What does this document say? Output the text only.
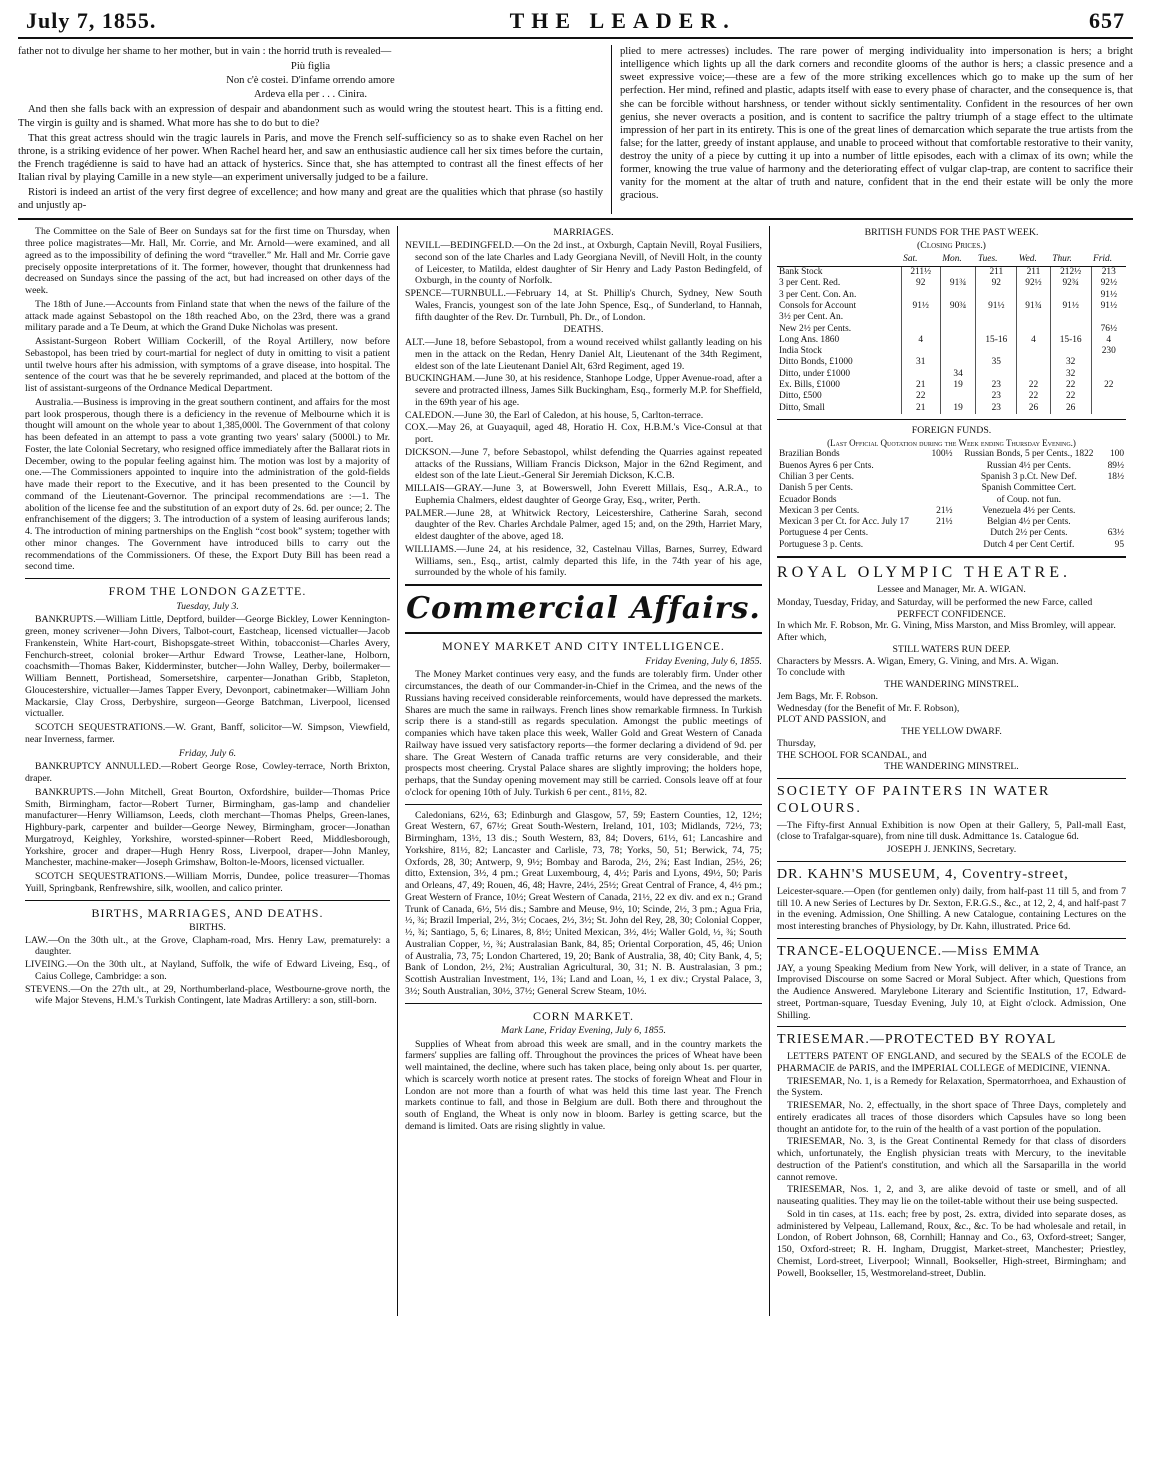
July 7, 1855.	THE LEADER.	657

father not to divulge her shame to her mother, but in vain : the horrid truth is revealed—

Più figlia
Non c'è costei. D'infame orrendo amore
Ardeva ella per . . . Cinira.

And then she falls back with an expression of despair and abandonment such as would wring the stoutest heart. This is a fitting end. The virgin is guilty and is shamed. What more has she to do but to die?

That this great actress should win the tragic laurels in Paris, and move the French self-sufficiency so as to shake even Rachel on her throne, is a striking evidence of her power. When Rachel heard her, and saw an enthusiastic audience call her six times before the curtain, the French tragédienne is said to have had an attack of hysterics. Since that, she has attempted to contrast all the finest effects of her Italian rival by playing Camille in a new style—an experiment universally judged to be a failure.

Ristori is indeed an artist of the very first degree of excellence; and how many and great are the qualities which that phrase (so hastily and unjustly ap-

plied to mere actresses) includes. The rare power of merging individuality into impersonation is hers; a bright intelligence which lights up all the dark corners and recondite glooms of the author is hers; a classic presence and a sweet expressive voice;—these are a few of the more striking excellences which go to make up the sum of her perfection. Her mind, refined and plastic, adapts itself with ease to every phase of character, and the consequence is, that she can be forcible without harshness, or tender without sickly sentimentality. Confident in the resources of her own genius, she never overacts a position, and is content to sacrifice the paltry triumph of a stage effect to the ultimate impression of her part in its entirety. This is one of the great lines of demarcation which separate the true artists from the false; for the latter, greedy of instant applause, and unable to proceed without that comfortable restorative to their vanity, destroy the unity of a piece by cutting it up into a number of little episodes, each with a climax of its own; while the former, knowing the true value of harmony and the deteriorating effect of vulgar clap-trap, are content to sacrifice their vanity for the moment at the altar of truth and nature, confident that in the end their estate will be only the more gracious.

The Committee on the Sale of Beer on Sundays sat for the first time on Thursday, when three police magistrates—Mr. Hall, Mr. Corrie, and Mr. Arnold—were examined, and all agreed as to the impossibility of defining the word “traveller.” Mr. Hall and Mr. Corrie gave precisely opposite interpretations of it. The former, however, thought that drunkenness had decreased on Sundays since the passing of the act, but had increased on other days of the week.

The 18th of June.—Accounts from Finland state that when the news of the failure of the attack made against Sebastopol on the 18th reached Abo, on the 23rd, there was a grand military parade and a Te Deum, at which the Grand Duke Nicholas was present.

Assistant-Surgeon Robert William Cockerill, of the Royal Artillery, now before Sebastopol, has been tried by court-martial for neglect of duty in omitting to visit a patient until twelve hours after his admission, with symptoms of a grave disease, into hospital. The sentence of the court was that he be severely reprimanded, and placed at the bottom of the list of assistant-surgeons of the Ordnance Medical Department.

Australia.—Business is improving in the great southern continent, and affairs for the most part look prosperous, though there is a deficiency in the revenue of Melbourne which it is thought will amount on the whole year to about 1,385,000l. The Government of that colony has been defeated in an attempt to pass a vote granting two years' salary (5000l.) to Mr. Foster, the late Colonial Secretary, who resigned office immediately after the Ballarat riots in December, owing to the popular feeling against him. The motion was lost by a majority of one.—The Commissioners appointed to inquire into the administration of the gold-fields have made their report to the Executive, and it has been presented to the Council by command of the Lieutenant-Governor. The principal recommendations are :—1. The abolition of the license fee and the substitution of an export duty of 2s. 6d. per ounce; 2. The enfranchisement of the diggers; 3. The introduction of a system of leasing auriferous lands; 4. The introduction of mining partnerships on the English “cost book” system; together with other minor changes. The Government have introduced bills to carry out the recommendations of the Commissioners. Of these, the Export Duty Bill has been read a second time.

FROM THE LONDON GAZETTE.
Tuesday, July 3.

BANKRUPTS.—William Little, Deptford, builder—George Bickley, Lower Kennington-green, money scrivener—John Divers, Talbot-court, Eastcheap, licensed victualler—Jacob Frankenstein, White Hart-court, Bishopsgate-street Within, tobacconist—Charles Avery, Fenchurch-street, colonial broker—Arthur Edward Trowse, Leather-lane, Holborn, coachsmith—Thomas Baker, Kidderminster, butcher—John Walley, Derby, boilermaker—William Bennett, Portishead, Somersetshire, carpenter—Jonathan Gribb, Stapleton, Gloucestershire, victualler—James Tapper Every, Devonport, cabinetmaker—William John Mackarsie, Clay Cross, Derbyshire, surgeon—George Batchman, Liverpool, licensed victualler.

SCOTCH SEQUESTRATIONS.—W. Grant, Banff, solicitor—W. Simpson, Viewfield, near Inverness, farmer.

Friday, July 6.

BANKRUPTCY ANNULLED.—Robert George Rose, Cowley-terrace, North Brixton, draper.

BANKRUPTS.—John Mitchell, Great Bourton, Oxfordshire, builder—Thomas Price Smith, Birmingham, factor—Robert Turner, Birmingham, gas-lamp and chandelier manufacturer—Henry Williamson, Leeds, cloth merchant—Thomas Phelps, Green-lanes, Highbury-park, carpenter and builder—George Newey, Birmingham, grocer—Jonathan Murgatroyd, Keighley, Yorkshire, worsted-spinner—Robert Reed, Middlesborough, Yorkshire, grocer and draper—Hugh Henry Ross, Liverpool, draper—John Manley, Manchester, machine-maker—Joseph Grimshaw, Bolton-le-Moors, licensed victualler.

SCOTCH SEQUESTRATIONS.—William Morris, Dundee, police treasurer—Thomas Yuill, Springbank, Renfrewshire, silk, woollen, and calico printer.

BIRTHS, MARRIAGES, AND DEATHS.
BIRTHS.

LAW.—On the 30th ult., at the Grove, Clapham-road, Mrs. Henry Law, prematurely: a daughter.

LIVEING.—On the 30th ult., at Nayland, Suffolk, the wife of Edward Liveing, Esq., of Caius College, Cambridge: a son.

STEVENS.—On the 27th ult., at 29, Northumberland-place, Westbourne-grove north, the wife Major Stevens, H.M.'s Turkish Contingent, late Madras Artillery: a son, still-born.

MARRIAGES.

NEVILL—BEDINGFELD.—On the 2d inst., at Oxburgh, Captain Nevill, Royal Fusiliers, second son of the late Charles and Lady Georgiana Nevill, of Nevill Holt, in the county of Leicester, to Matilda, eldest daughter of Sir Henry and Lady Paston Bedingfeld, of Oxburgh, in the county of Norfolk.

SPENCE—TURNBULL.—February 14, at St. Phillip's Church, Sydney, New South Wales, Francis, youngest son of the late John Spence, Esq., of Sunderland, to Hannah, fifth daughter of the Rev. Dr. Turnbull, Ph. Dr., of London.

DEATHS.

ALT.—June 18, before Sebastopol, from a wound received whilst gallantly leading on his men in the attack on the Redan, Henry Daniel Alt, Lieutenant of the 34th Regiment, eldest son of the late Lieutenant Daniel Alt, 63rd Regiment, aged 19.

BUCKINGHAM.—June 30, at his residence, Stanhope Lodge, Upper Avenue-road, after a severe and protracted illness, James Silk Buckingham, Esq., formerly M.P. for Sheffield, in the 69th year of his age.

CALEDON.—June 30, the Earl of Caledon, at his house, 5, Carlton-terrace.

COX.—May 26, at Guayaquil, aged 48, Horatio H. Cox, H.B.M.'s Vice-Consul at that port.

DICKSON.—June 7, before Sebastopol, whilst defending the Quarries against repeated attacks of the Russians, William Francis Dickson, Major in the 62nd Regiment, and eldest son of the late Lieut.-General Sir Jeremiah Dickson, K.C.B.

MILLAIS—GRAY.—June 3, at Bowerswell, John Everett Millais, Esq., A.R.A., to Euphemia Chalmers, eldest daughter of George Gray, Esq., writer, Perth.

PALMER.—June 28, at Whitwick Rectory, Leicestershire, Catherine Sarah, second daughter of the Rev. Charles Archdale Palmer, aged 15; and, on the 29th, Harriet Mary, eldest daughter of the above, aged 18.

WILLIAMS.—June 24, at his residence, 32, Castelnau Villas, Barnes, Surrey, Edward Williams, sen., Esq., artist, calmly departed this life, in the 74th year of his age, surrounded by the whole of his family.

Commercial Affairs.
MONEY MARKET AND CITY INTELLIGENCE.
Friday Evening, July 6, 1855.

The Money Market continues very easy, and the funds are tolerably firm. Under other circumstances, the death of our Commander-in-Chief in the Crimea, and the news of the Russians having received considerable reinforcements, would have depressed the markets. Shares are much the same in railways. French lines show remarkable firmness. In Turkish scrip there is a stand-still as regards speculation. Amongst the public meetings of companies which have taken place this week, Waller Gold and Great Western of Canada Railway have issued very satisfactory reports—the former declaring a dividend of 9d. per share. The Great Western of Canada traffic returns are very considerable, and their prospects most cheering. Crystal Palace shares are slightly improving; the holders hope, perhaps, that the Sunday opening movement may still be carried. Consols leave off at four o'clock for opening 10th of July. Turkish 6 per cent., 81½, 82.

Caledonians, 62½, 63; Edinburgh and Glasgow, 57, 59; Eastern Counties, 12, 12½; Great Western, 67, 67½; Great South-Western, Ireland, 101, 103; Midlands, 72½, 73; Birmingham, 13½, 13 dis.; South Western, 83, 84; Dovers, 61½, 61; Lancashire and Yorkshire, 81½, 82; Lancaster and Carlisle, 73, 78; Yorks, 50, 51; Berwick, 74, 75; Oxfords, 28, 30; Antwerp, 9, 9½; Bombay and Baroda, 2½, 2¾; East Indian, 25½, 26; ditto, Extension, 3½, 4 pm.; Great Luxembourg, 4, 4½; Paris and Lyons, 49½, 50; Paris and Orleans, 47, 49; Rouen, 46, 48; Havre, 24½, 25½; Great Central of France, 4, 4½ pm.; Great Western of France, 10½; Great Western of Canada, 21½, 22 ex div. and ex n.; Grand Trunk of Canada, 6½, 5½ dis.; Sambre and Meuse, 9½, 10; Scinde, 2½, 3 pm.; Agua Fria, ½, ¾; Brazil Imperial, 2½, 3½; Cocaes, 2½, 3½; St. John del Rey, 28, 30; Colonial Copper, ½, ¾; Santiago, 5, 6; Linares, 8, 8½; United Mexican, 3½, 4½; Waller Gold, ½, ¾; South Australian Copper, ½, ¾; Australasian Bank, 84, 85; Oriental Corporation, 45, 46; Union of Australia, 73, 75; London Chartered, 19, 20; Bank of Australia, 38, 40; City Bank, 4, 5; Bank of London, 2½, 2¾; Australian Agricultural, 30, 31; N. B. Australasian, 3 pm.; Scottish Australian Investment, 1½, 1¾; Land and Loan, ½, 1 ex div.; Crystal Palace, 3, 3½; South Australian, 30½, 37½; General Screw Steam, 10½.

CORN MARKET.
Mark Lane, Friday Evening, July 6, 1855.

Supplies of Wheat from abroad this week are small, and in the country markets the farmers' supplies are falling off. Throughout the provinces the prices of Wheat have been well maintained, the decline, where such has taken place, being only about 1s. per quarter, which is scarcely worth notice at present rates. The stocks of foreign Wheat and Flour in London are not more than a fourth of what was held this time last year. The French markets continue to fall, and those in Belgium are dull. Both there and throughout the south of England, the Wheat is only now in bloom. Barley is getting scarce, but the demand is limited. Oats are rising slightly in value.

BRITISH FUNDS FOR THE PAST WEEK.
(Closing Prices.)
	Sat.	Mon.	Tues.	Wed.	Thur.	Frid.
Bank Stock	211½		211	211	212½	213
3 per Cent. Red.	92	91¾	92	92½	92¾	92½
3 per Cent. Con. An.						91½
Consols for Account	91½	90¾	91½	91¾	91½	91½
3½ per Cent. An.						
New 2½ per Cents.						76½
Long Ans. 1860	4		15-16	4	15-16	4
India Stock						230
Ditto Bonds, £1000	31		35		32	
Ditto, under £1000		34			32	
Ex. Bills, £1000	21	19	23	22	22	22
Ditto, £500	22		23	22	22	
Ditto, Small	21	19	23	26	26	
FOREIGN FUNDS.
(Last Official Quotation during the Week ending Thursday Evening.)
Brazilian Bonds	100½	Russian Bonds, 5 per Cents., 1822	100
Buenos Ayres 6 per Cnts.		Russian 4½ per Cents.	89½
Chilian 3 per Cents.		Spanish 3 p.Ct. New Def.	18½
Danish 5 per Cents.		Spanish Committee Cert.	
Ecuador Bonds		of Coup. not fun.	
Mexican 3 per Cents.	21½	Venezuela 4½ per Cents.	
Mexican 3 per Ct. for Acc. July 17	21½	Belgian 4½ per Cents.	
Portuguese 4 per Cents.		Dutch 2½ per Cents.	63½
Portuguese 3 p. Cents.		Dutch 4 per Cent Certif.	95
ROYAL OLYMPIC THEATRE.
Lessee and Manager, Mr. A. WIGAN.
Monday, Tuesday, Friday, and Saturday, will be performed the new Farce, called
PERFECT CONFIDENCE.
In which Mr. F. Robson, Mr. G. Vining, Miss Marston, and Miss Bromley, will appear.
After which,
STILL WATERS RUN DEEP.
Characters by Messrs. A. Wigan, Emery, G. Vining, and Mrs. A. Wigan.
To conclude with
THE WANDERING MINSTREL.
Jem Bags, Mr. F. Robson.
Wednesday (for the Benefit of Mr. F. Robson),
PLOT AND PASSION, and
THE YELLOW DWARF.
Thursday,
THE SCHOOL FOR SCANDAL, and
THE WANDERING MINSTREL.
SOCIETY OF PAINTERS IN WATER COLOURS.

—The Fifty-first Annual Exhibition is now Open at their Gallery, 5, Pall-mall East, (close to Trafalgar-square), from nine till dusk. Admittance 1s. Catalogue 6d.

JOSEPH J. JENKINS, Secretary.
DR. KAHN'S MUSEUM, 4, Coventry-street,

Leicester-square.—Open (for gentlemen only) daily, from half-past 11 till 5, and from 7 till 10. A new Series of Lectures by Dr. Sexton, F.R.G.S., &c., at 12, 2, 4, and half-past 7 in the evening. Admission, One Shilling. A new Catalogue, containing Lectures on the most interesting branches of Physiology, by Dr. Kahn, illustrated. Price 6d.

TRANCE-ELOQUENCE.—Miss EMMA

JAY, a young Speaking Medium from New York, will deliver, in a state of Trance, an Improvised Discourse on some Sacred or Moral Subject. After which, Questions from the Audience Answered. Marylebone Literary and Scientific Institution, 17, Edward-street, Portman-square, Tuesday Evening, July 10, at Eight o'clock. Admission, One Shilling.

TRIESEMAR.—PROTECTED BY ROYAL

LETTERS PATENT OF ENGLAND, and secured by the SEALS of the ECOLE de PHARMACIE de PARIS, and the IMPERIAL COLLEGE of MEDICINE, VIENNA.

TRIESEMAR, No. 1, is a Remedy for Relaxation, Spermatorrhoea, and Exhaustion of the System.

TRIESEMAR, No. 2, effectually, in the short space of Three Days, completely and entirely eradicates all traces of those disorders which Capsules have so long been thought an antidote for, to the ruin of the health of a vast portion of the population.

TRIESEMAR, No. 3, is the Great Continental Remedy for that class of disorders which, unfortunately, the English physician treats with Mercury, to the inevitable destruction of the Patient's constitution, and which all the Sarsaparilla in the world cannot remove.

TRIESEMAR, Nos. 1, 2, and 3, are alike devoid of taste or smell, and of all nauseating qualities. They may lie on the toilet-table without their use being suspected.

Sold in tin cases, at 11s. each; free by post, 2s. extra, divided into separate doses, as administered by Velpeau, Lallemand, Roux, &c., &c. To be had wholesale and retail, in London, of Robert Johnson, 68, Cornhill; Hannay and Co., 63, Oxford-street; Sanger, 150, Oxford-street; R. H. Ingham, Druggist, Market-street, Manchester; Priestley, Chemist, Lord-street, Liverpool; Winnall, Bookseller, High-street, Birmingham; and Powell, Bookseller, 15, Westmoreland-street, Dublin.
